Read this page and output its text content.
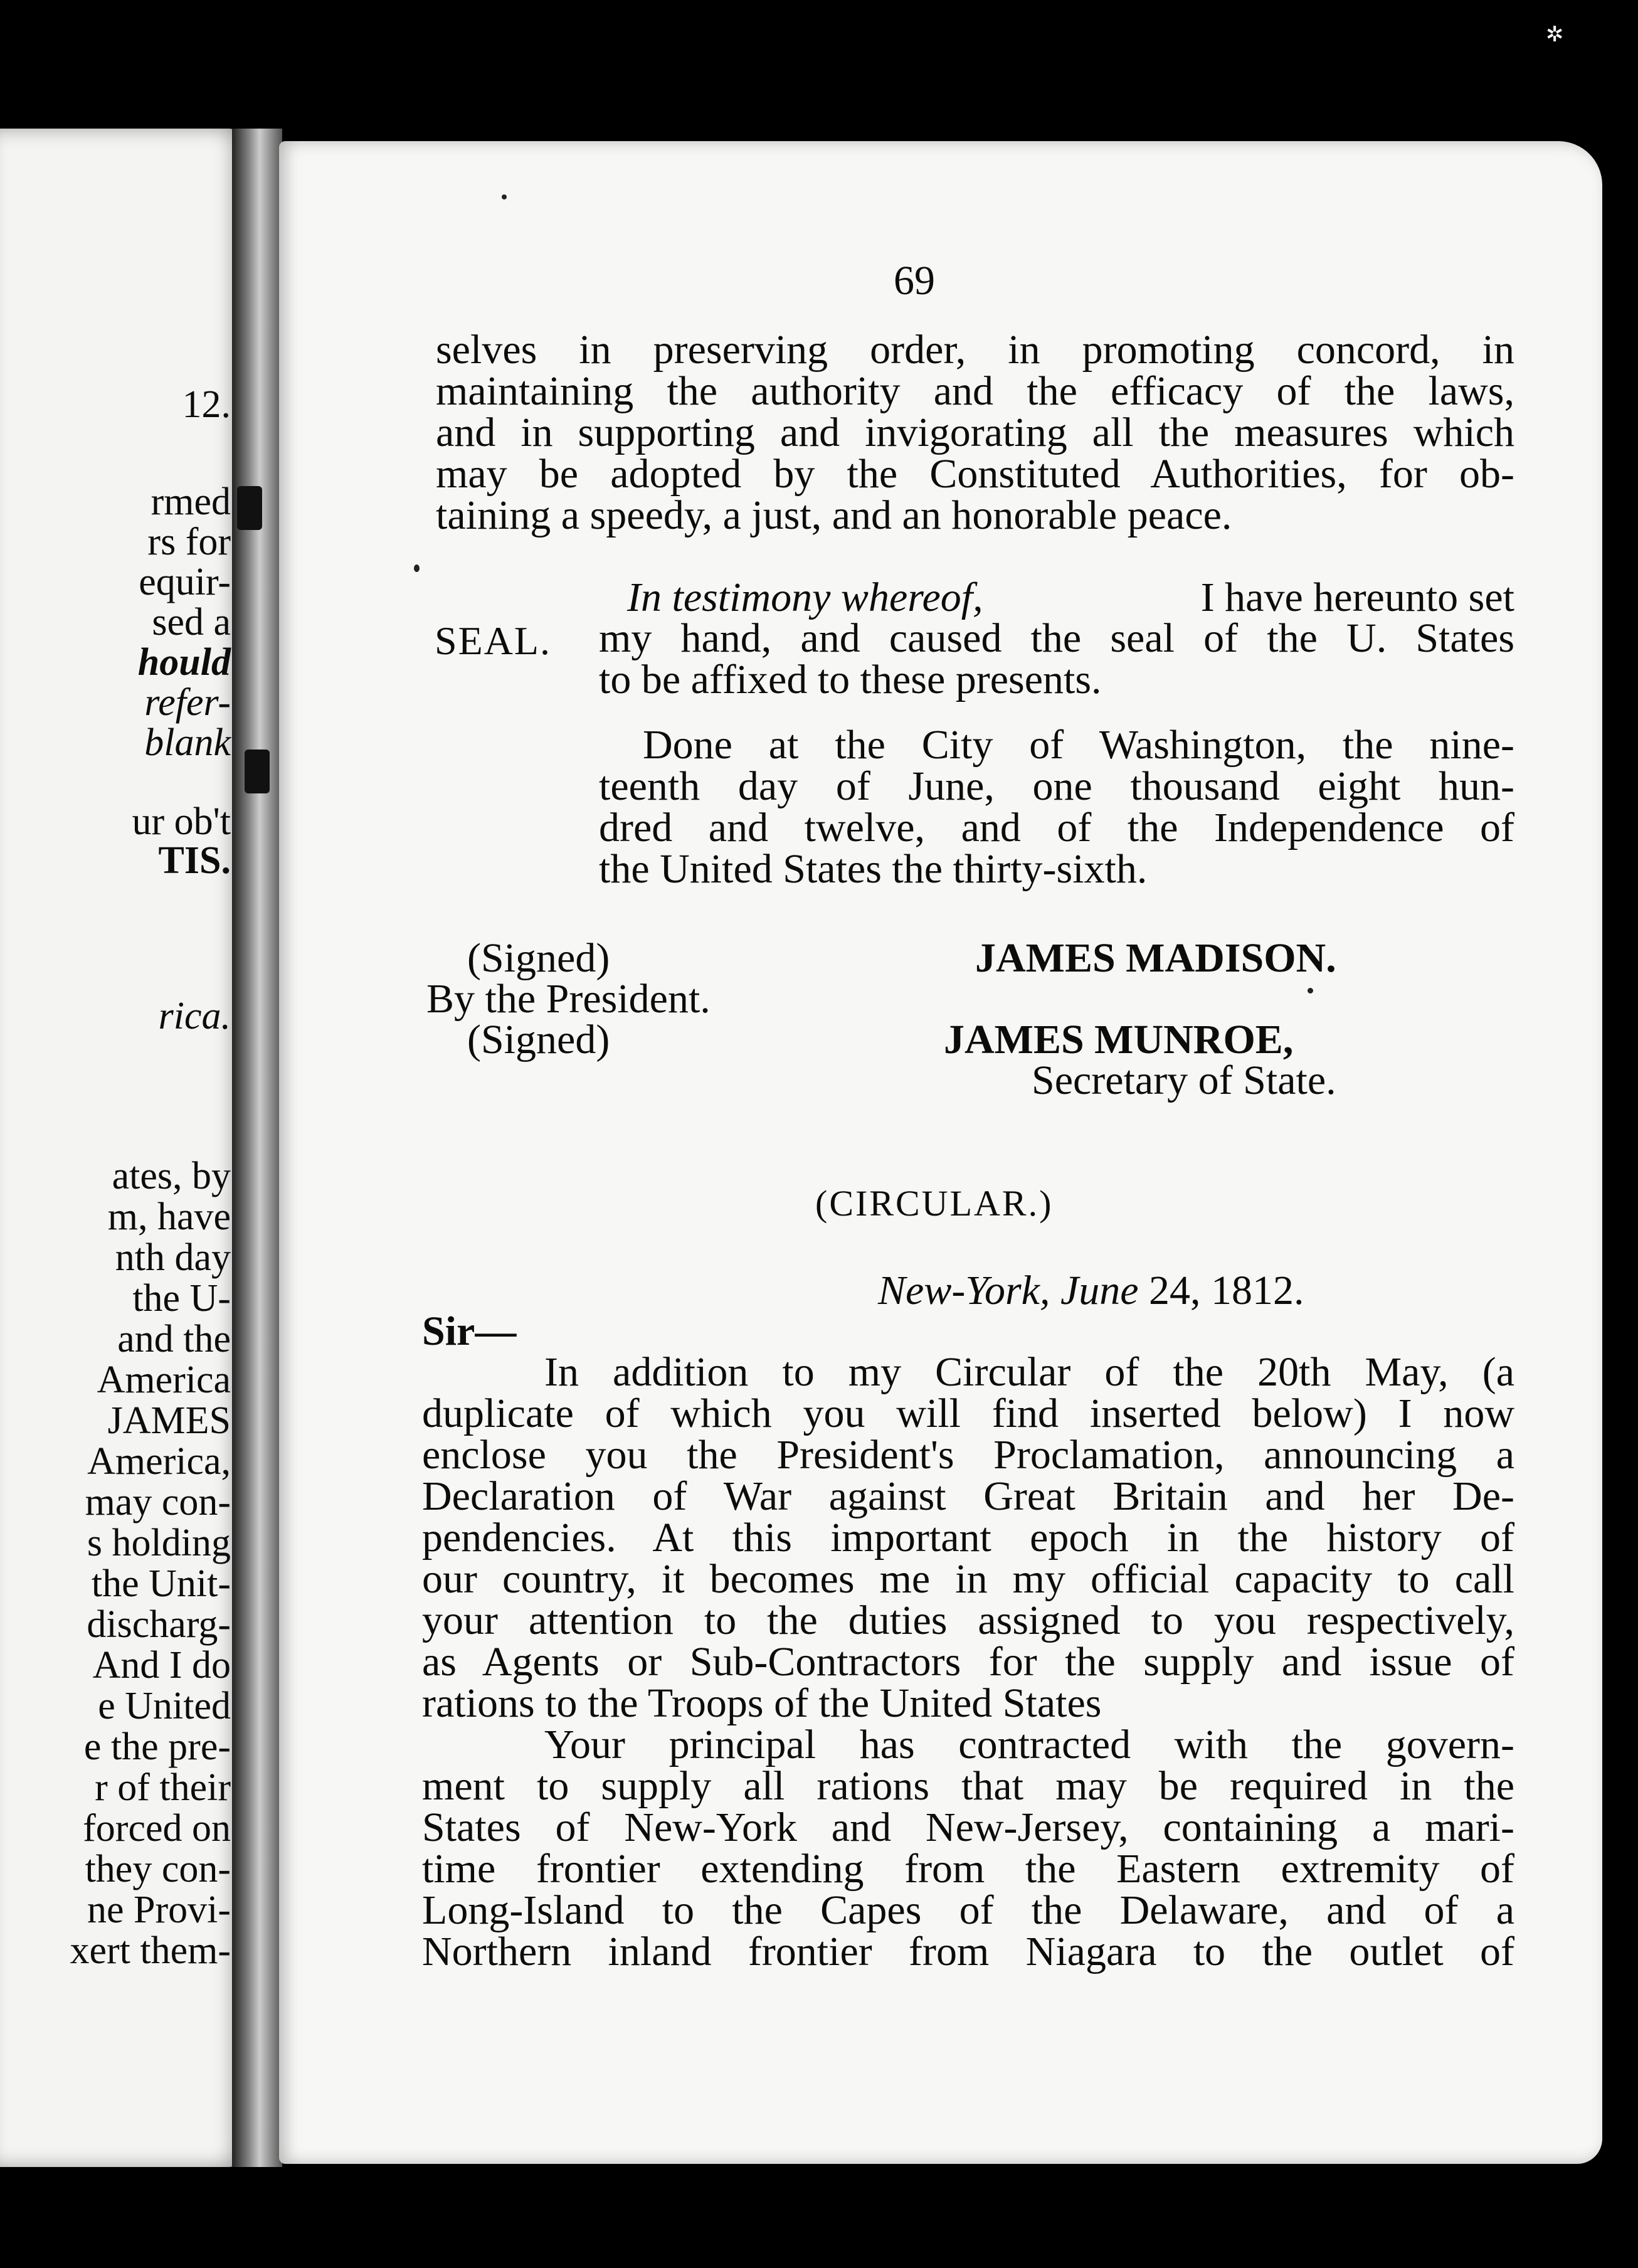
12.
rmed
rs for
equir-
sed a
hould
refer-
blank
ur ob't
TIS.
rica.
ates, by
m, have
nth day
the U-
and the
America
JAMES
America,
may con-
s holding
the Unit-
discharg-
And I do
e United
e the pre-
r of their
forced on
they con-
ne Provi-
xert them-
69
selves in preserving order, in promoting concord, in
maintaining the authority and the efficacy of the laws,
and in supporting and invigorating all the measures which
may be adopted by the Constituted Authorities, for ob-
taining a speedy, a just, and an honorable peace.
In testimony whereof,	I have hereunto set
SEAL. my hand, and caused the seal of the U. States
to be affixed to these presents.
Done at the City of Washington, the nine-
teenth day of June, one thousand eight hun-
dred and twelve, and of the Independence of
the United States the thirty-sixth.
(Signed)	JAMES MADISON.
By the President.
(Signed)	JAMES MUNROE,
Secretary of State.
(CIRCULAR.)
New-York, June 24, 1812.
Sir—
In addition to my Circular of the 20th May, (a
duplicate of which you will find inserted below) I now
enclose you the President's Proclamation, announcing a
Declaration of War against Great Britain and her De-
pendencies. At this important epoch in the history of
our country, it becomes me in my official capacity to call
your attention to the duties assigned to you respectively,
as Agents or Sub-Contractors for the supply and issue of
rations to the Troops of the United States
Your principal has contracted with the govern-
ment to supply all rations that may be required in the
States of New-York and New-Jersey, containing a mari-
time frontier extending from the Eastern extremity of
Long-Island to the Capes of the Delaware, and of a
Northern inland frontier from Niagara to the outlet of
✲
